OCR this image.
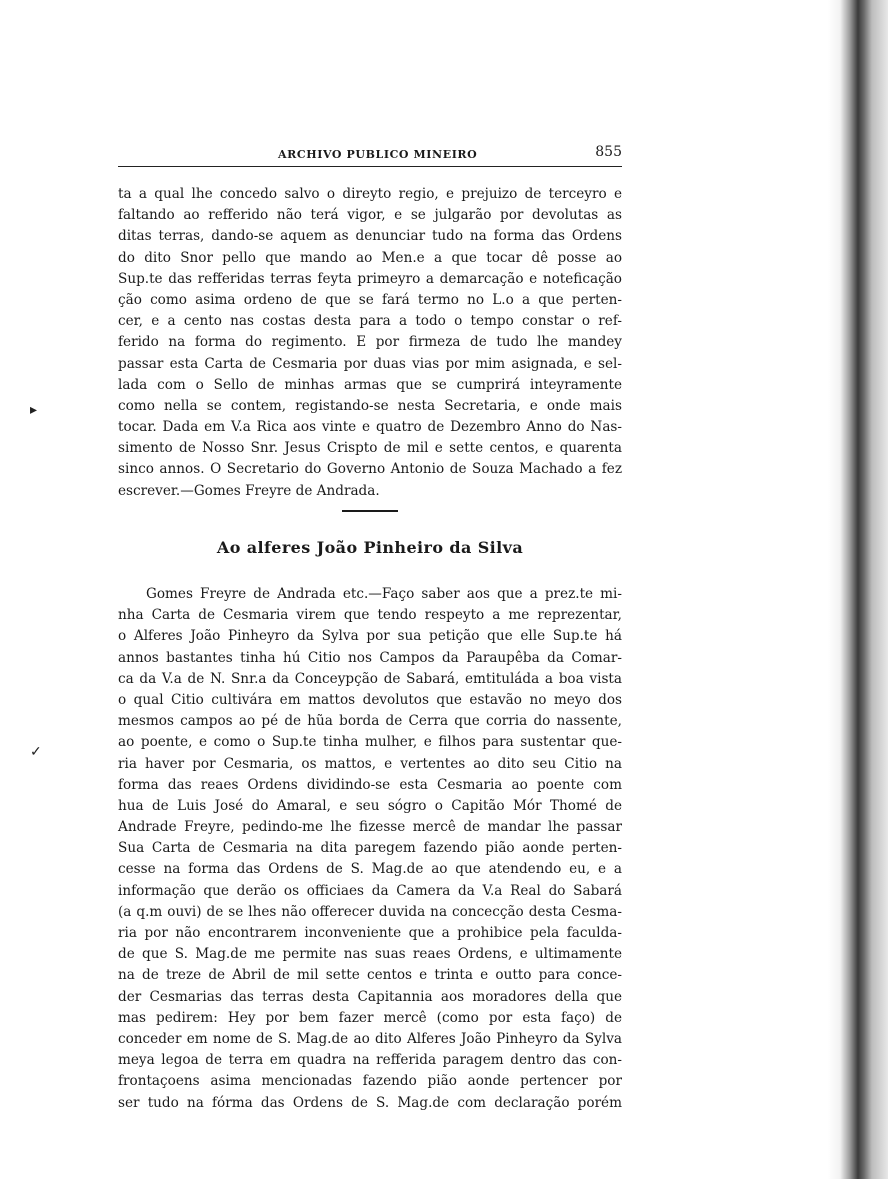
ARCHIVO PUBLICO MINEIRO	855
ta a qual lhe concedo salvo o direyto regio, e prejuizo de terceyro e
faltando ao refferido não terá vigor, e se julgarão por devolutas as
ditas terras, dando-se aquem as denunciar tudo na forma das Ordens
do dito Snor pello que mando ao Men.e a que tocar dê posse ao
Sup.te das refferidas terras feyta primeyro a demarcação e noteficação
ção como asima ordeno de que se fará termo no L.o a que perten-
cer, e a cento nas costas desta para a todo o tempo constar o ref-
ferido na forma do regimento. E por firmeza de tudo lhe mandey
passar esta Carta de Cesmaria por duas vias por mim asignada, e sel-
lada com o Sello de minhas armas que se cumprirá inteyramente
como nella se contem, registando-se nesta Secretaria, e onde mais
tocar. Dada em V.a Rica aos vinte e quatro de Dezembro Anno do Nas-
simento de Nosso Snr. Jesus Crispto de mil e sette centos, e quarenta
sinco annos. O Secretario do Governo Antonio de Souza Machado a fez
escrever.—Gomes Freyre de Andrada.
Ao alferes João Pinheiro da Silva
Gomes Freyre de Andrada etc.—Faço saber aos que a prez.te mi-
nha Carta de Cesmaria virem que tendo respeyto a me reprezentar,
o Alferes João Pinheyro da Sylva por sua petição que elle Sup.te há
annos bastantes tinha hú Citio nos Campos da Paraupêba da Comar-
ca da V.a de N. Snr.a da Conceypção de Sabará, emtituláda a boa vista
o qual Citio cultivára em mattos devolutos que estavão no meyo dos
mesmos campos ao pé de hũa borda de Cerra que corria do nassente,
ao poente, e como o Sup.te tinha mulher, e filhos para sustentar que-
ria haver por Cesmaria, os mattos, e vertentes ao dito seu Citio na
forma das reaes Ordens dividindo-se esta Cesmaria ao poente com
hua de Luis José do Amaral, e seu sógro o Capitão Mór Thomé de
Andrade Freyre, pedindo-me lhe fizesse mercê de mandar lhe passar
Sua Carta de Cesmaria na dita paregem fazendo pião aonde perten-
cesse na forma das Ordens de S. Mag.de ao que atendendo eu, e a
informação que derão os officiaes da Camera da V.a Real do Sabará
(a q.m ouvi) de se lhes não offerecer duvida na concecção desta Cesma-
ria por não encontrarem inconveniente que a prohibice pela faculda-
de que S. Mag.de me permite nas suas reaes Ordens, e ultimamente
na de treze de Abril de mil sette centos e trinta e outto para conce-
der Cesmarias das terras desta Capitannia aos moradores della que
mas pedirem: Hey por bem fazer mercê (como por esta faço) de
conceder em nome de S. Mag.de ao dito Alferes João Pinheyro da Sylva
meya legoa de terra em quadra na refferida paragem dentro das con-
frontaçoens asima mencionadas fazendo pião aonde pertencer por
ser tudo na fórma das Ordens de S. Mag.de com declaração porém
▸
✓
